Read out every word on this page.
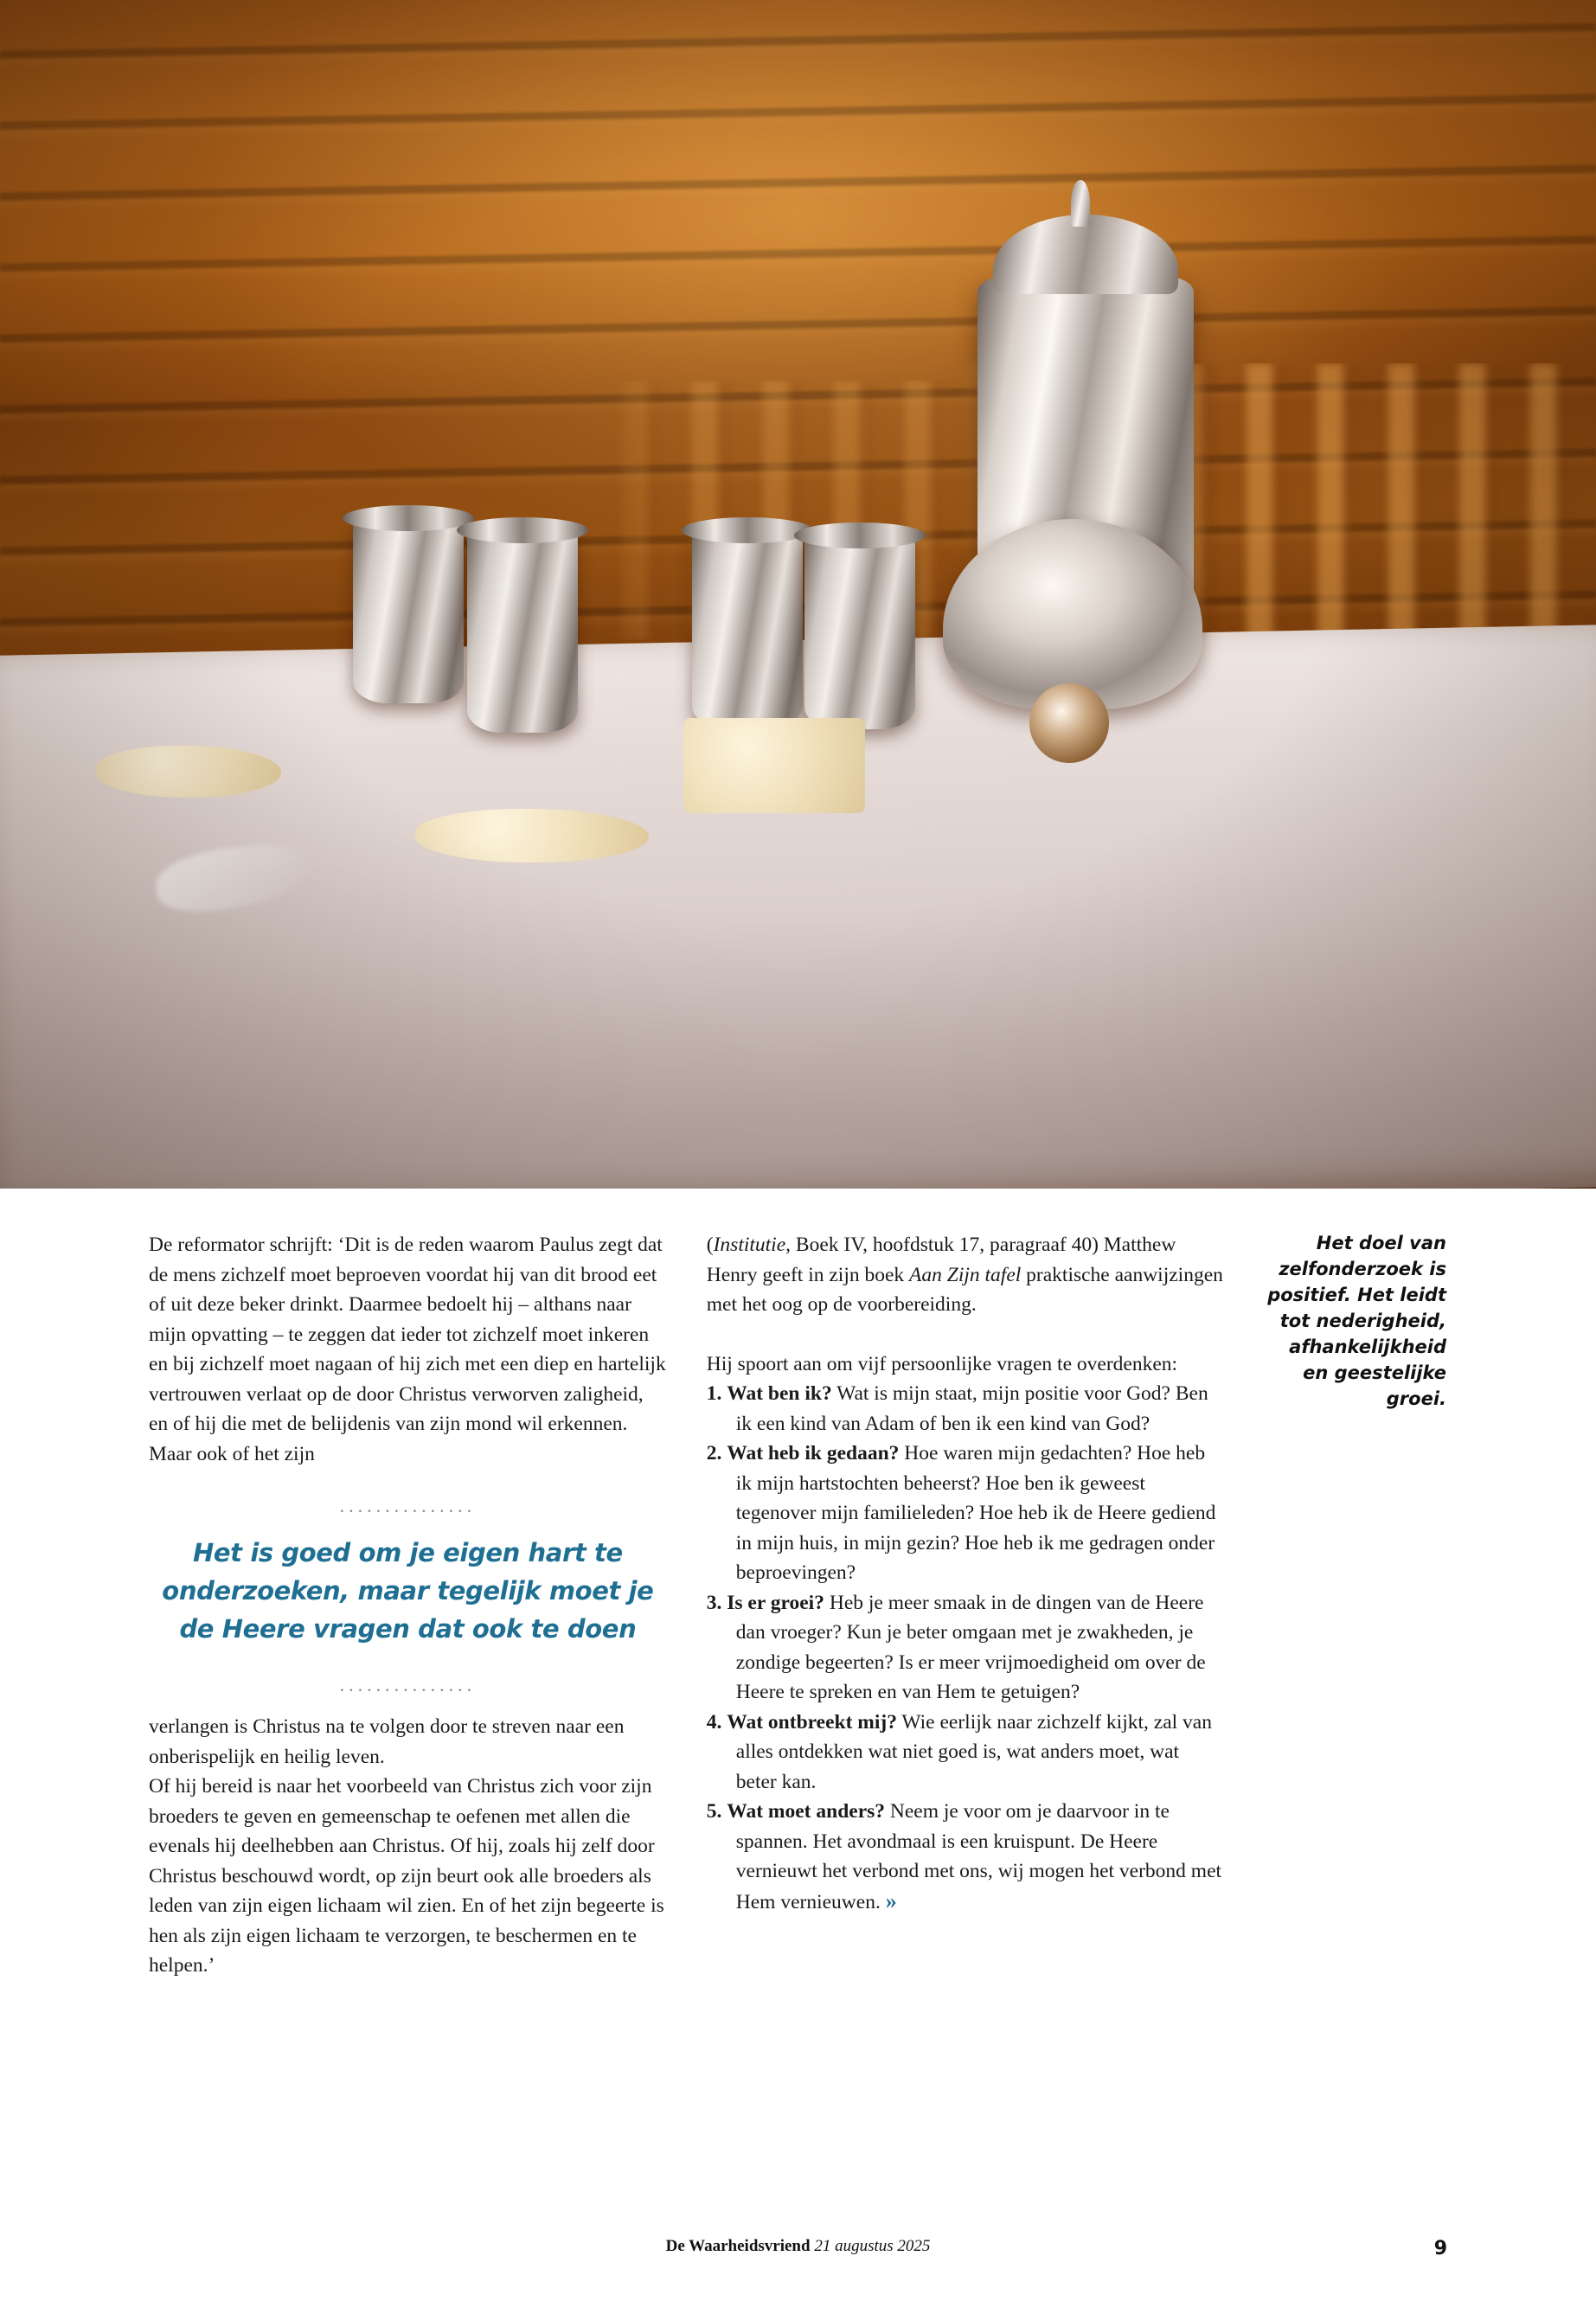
De reformator schrijft: ‘Dit is de reden waarom Paulus zegt dat de mens zichzelf moet beproeven voordat hij van dit brood eet of uit deze beker drinkt. Daarmee bedoelt hij – althans naar mijn opvatting – te zeggen dat ieder tot zichzelf moet inkeren en bij zichzelf moet nagaan of hij zich met een diep en hartelijk vertrouwen verlaat op de door Christus verworven zaligheid, en of hij die met de belijdenis van zijn mond wil erkennen. Maar ook of het zijn

...............
Het is goed om je eigen hart te onderzoeken, maar tegelijk moet je de Heere vragen dat ook te doen
...............

verlangen is Christus na te volgen door te streven naar een onberispelijk en heilig leven.

Of hij bereid is naar het voorbeeld van Christus zich voor zijn broeders te geven en gemeenschap te oefenen met allen die evenals hij deelhebben aan Christus. Of hij, zoals hij zelf door Christus beschouwd wordt, op zijn beurt ook alle broeders als leden van zijn eigen lichaam wil zien. En of het zijn begeerte is hen als zijn eigen lichaam te verzorgen, te beschermen en te helpen.’

(Institutie, Boek IV, hoofdstuk 17, paragraaf 40) Matthew Henry geeft in zijn boek Aan Zijn tafel praktische aanwijzingen met het oog op de voorbereiding.

Hij spoort aan om vijf persoonlijke vragen te overdenken:

1. Wat ben ik? Wat is mijn staat, mijn positie voor God? Ben ik een kind van Adam of ben ik een kind van God?
2. Wat heb ik gedaan? Hoe waren mijn gedachten? Hoe heb ik mijn hartstochten beheerst? Hoe ben ik geweest tegenover mijn familieleden? Hoe heb ik de Heere gediend in mijn huis, in mijn gezin? Hoe heb ik me gedragen onder beproevingen?
3. Is er groei? Heb je meer smaak in de dingen van de Heere dan vroeger? Kun je beter omgaan met je zwakheden, je zondige begeerten? Is er meer vrijmoedigheid om over de Heere te spreken en van Hem te getuigen?
4. Wat ontbreekt mij? Wie eerlijk naar zichzelf kijkt, zal van alles ontdekken wat niet goed is, wat anders moet, wat beter kan.
5. Wat moet anders? Neem je voor om je daarvoor in te spannen. Het avondmaal is een kruispunt. De Heere vernieuwt het verbond met ons, wij mogen het verbond met Hem vernieuwen. »
Het doel van zelfonderzoek is positief. Het leidt tot nederigheid, afhankelijkheid en geestelijke groei.
De Waarheidsvriend 21 augustus 2025	9
